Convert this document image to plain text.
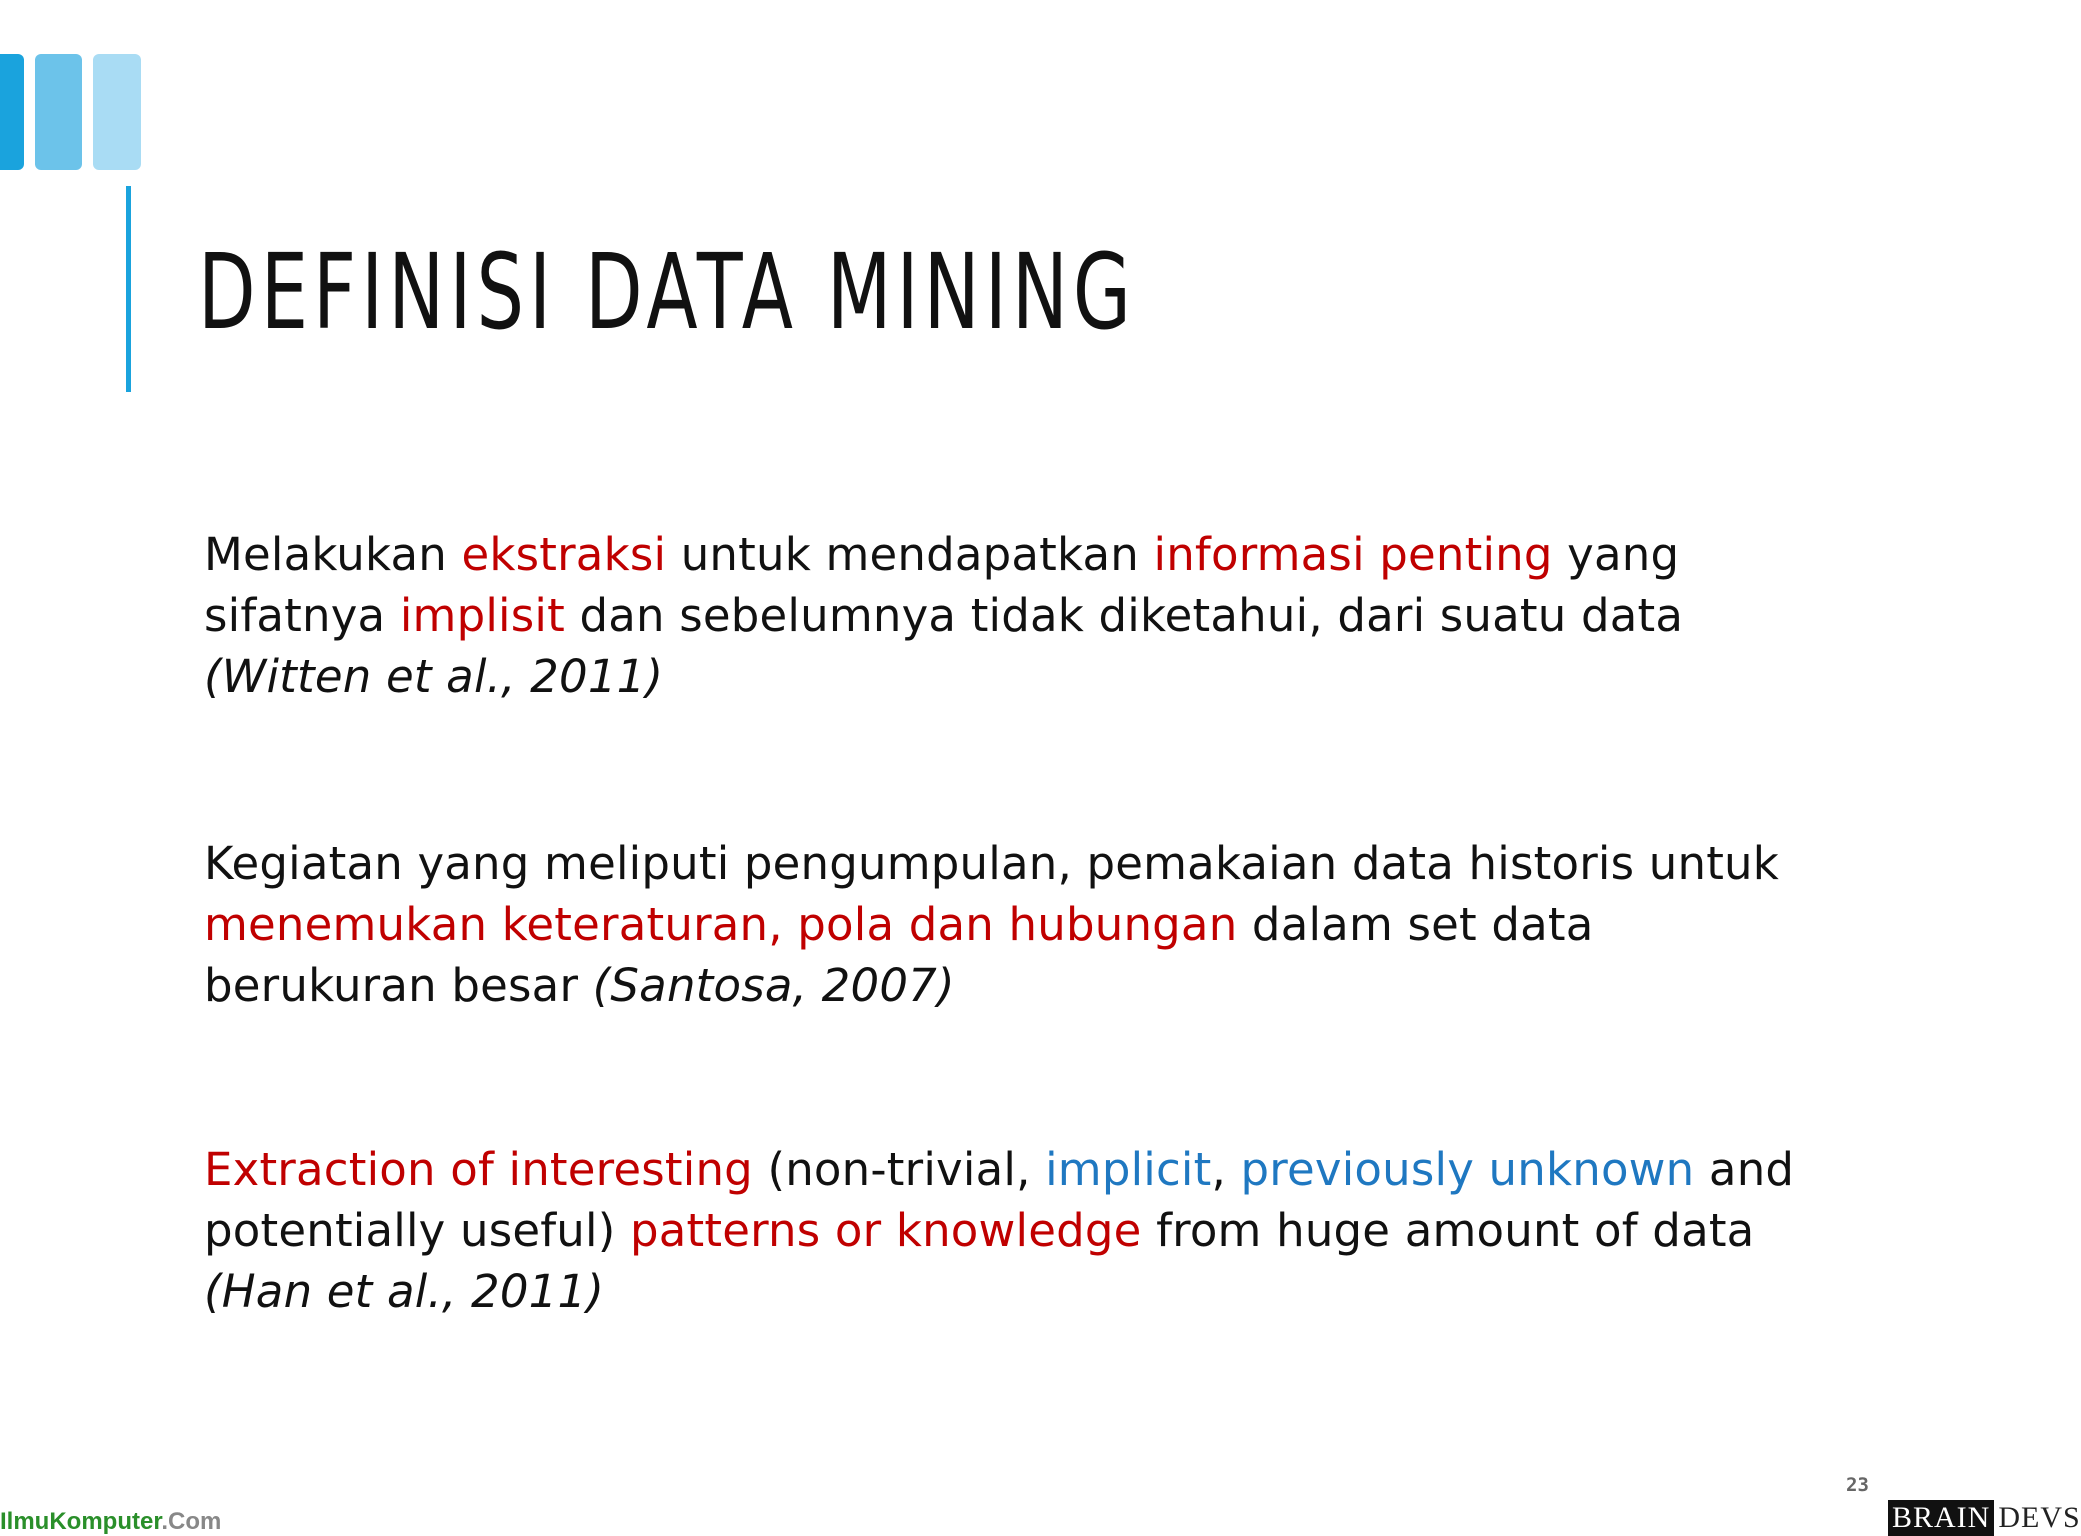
DEFINISI DATA MINING

Melakukan ekstraksi untuk mendapatkan informasi penting yang
sifatnya implisit dan sebelumnya tidak diketahui, dari suatu data
(Witten et al., 2011)

Kegiatan yang meliputi pengumpulan, pemakaian data historis untuk
menemukan keteraturan, pola dan hubungan dalam set data
berukuran besar (Santosa, 2007)

Extraction of interesting (non-trivial, implicit, previously unknown and
potentially useful) patterns or knowledge from huge amount of data
(Han et al., 2011)

23
IlmuKomputer.Com	BRAIN DEVS
